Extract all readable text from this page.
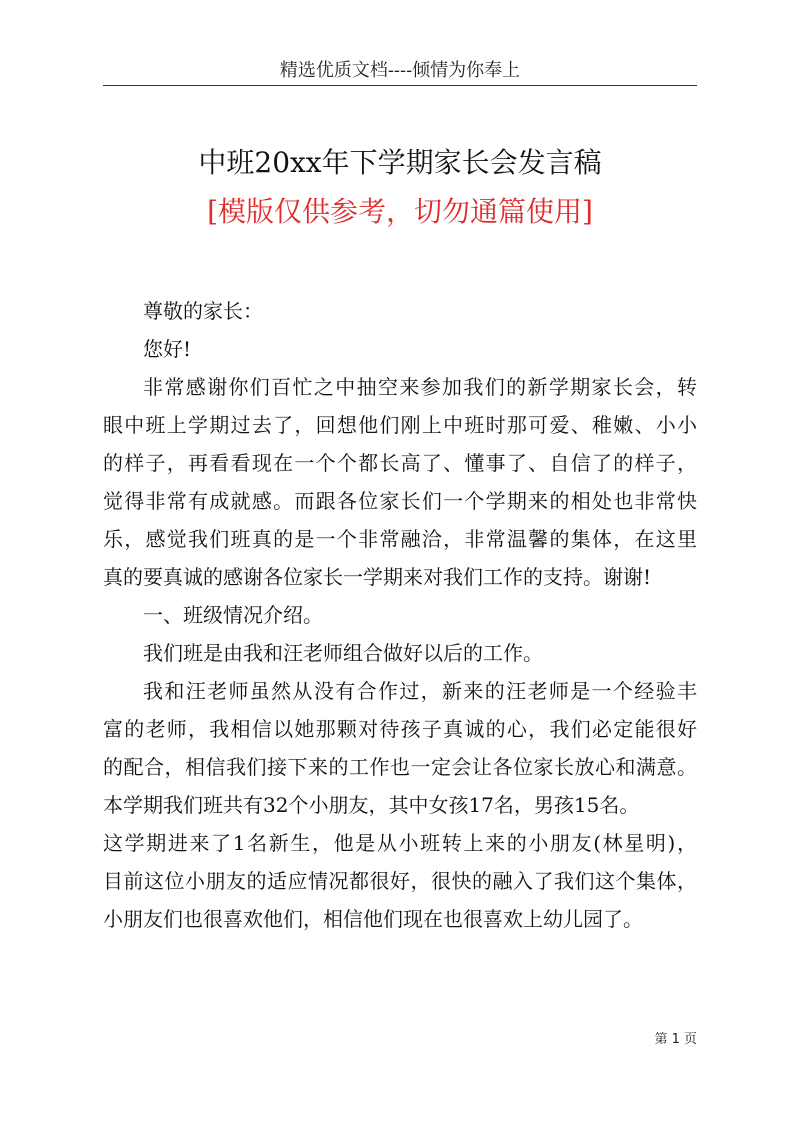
精选优质文档----倾情为你奉上
中班20xx年下学期家长会发言稿

[模版仅供参考，切勿通篇使用]

尊敬的家长：
您好!
非常感谢你们百忙之中抽空来参加我们的新学期家长会，转
眼中班上学期过去了，回想他们刚上中班时那可爱、稚嫩、小小
的样子，再看看现在一个个都长高了、懂事了、自信了的样子，
觉得非常有成就感。而跟各位家长们一个学期来的相处也非常快
乐，感觉我们班真的是一个非常融洽，非常温馨的集体，在这里
真的要真诚的感谢各位家长一学期来对我们工作的支持。谢谢!
一、班级情况介绍。
我们班是由我和汪老师组合做好以后的工作。
我和汪老师虽然从没有合作过，新来的汪老师是一个经验丰
富的老师，我相信以她那颗对待孩子真诚的心，我们必定能很好
的配合，相信我们接下来的工作也一定会让各位家长放心和满意。
本学期我们班共有32个小朋友，其中女孩17名，男孩15名。
这学期进来了1名新生，他是从小班转上来的小朋友(林星明)，
目前这位小朋友的适应情况都很好，很快的融入了我们这个集体，
小朋友们也很喜欢他们，相信他们现在也很喜欢上幼儿园了。
第 1 页
